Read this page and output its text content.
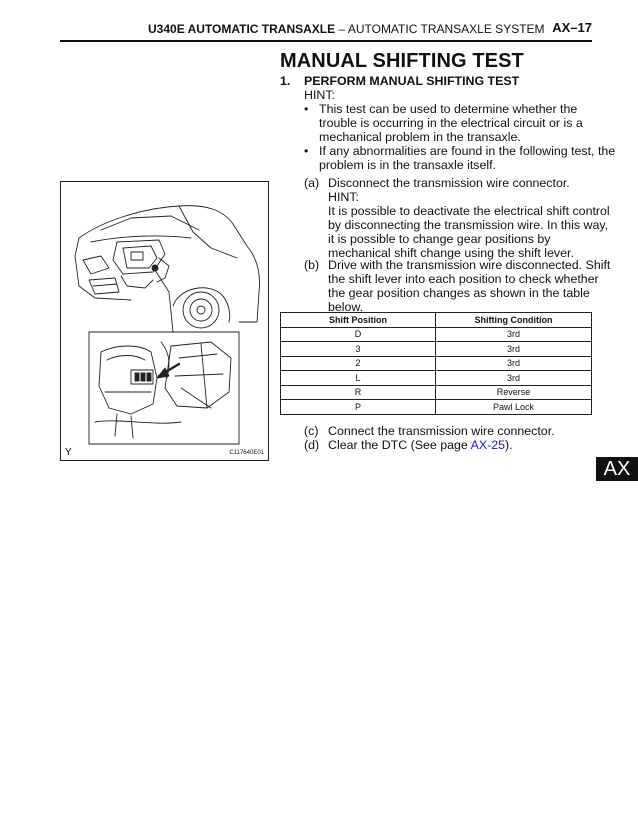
U340E AUTOMATIC TRANSAXLE – AUTOMATIC TRANSAXLE SYSTEM AX–17
MANUAL SHIFTING TEST
1. PERFORM MANUAL SHIFTING TEST
HINT:
• This test can be used to determine whether the
trouble is occurring in the electrical circuit or is a
mechanical problem in the transaxle.
• If any abnormalities are found in the following test, the
problem is in the transaxle itself.
(a) Disconnect the transmission wire connector.
HINT:
It is possible to deactivate the electrical shift control
by disconnecting the transmission wire. In this way,
it is possible to change gear positions by
mechanical shift change using the shift lever.
(b) Drive with the transmission wire disconnected. Shift
the shift lever into each position to check whether
the gear position changes as shown in the table
below.
Shift Position	Shifting Condition
D	3rd
3	3rd
2	3rd
L	3rd
R	Reverse
P	Pawl Lock
(c) Connect the transmission wire connector.
(d) Clear the DTC (See page AX-25).
Y	C117640E01
AX
